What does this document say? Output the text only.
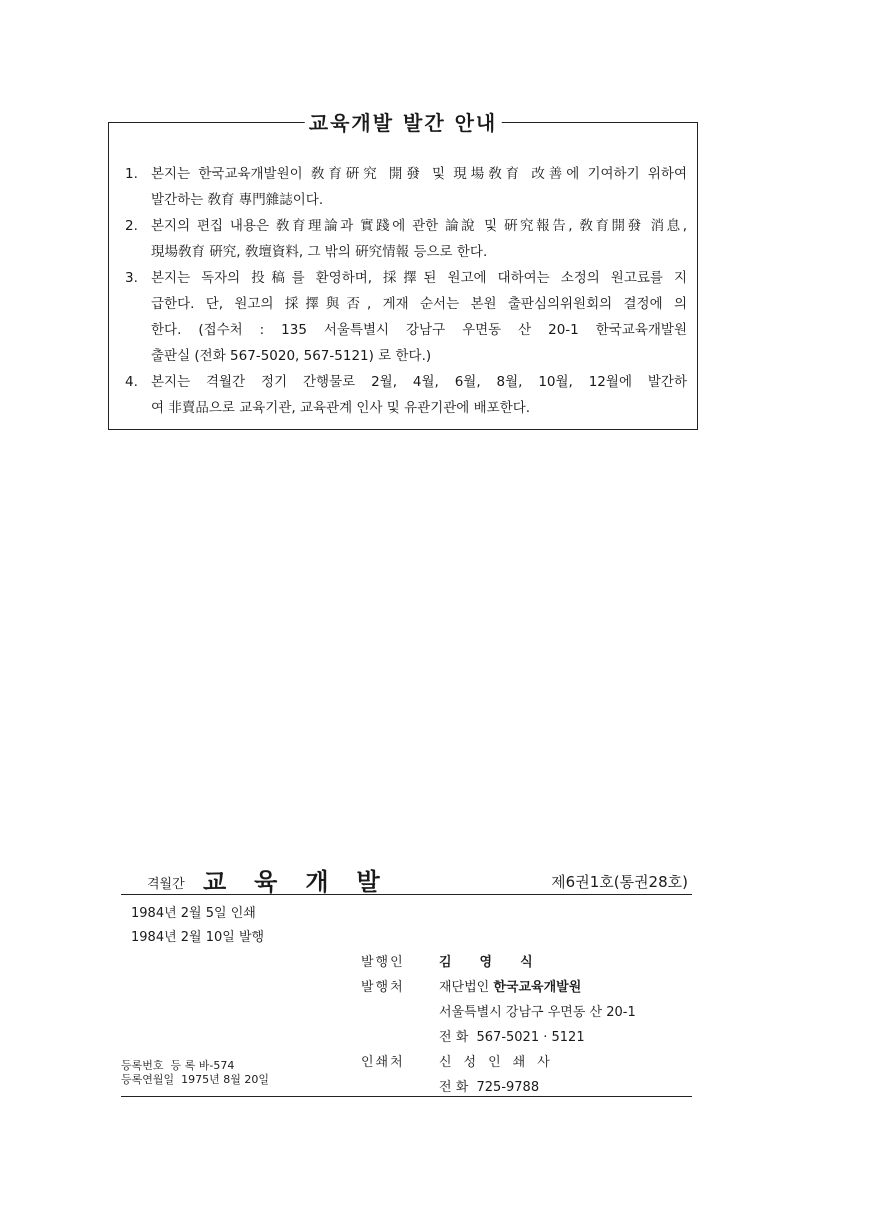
교육개발 발간 안내
1. 본지는 한국교육개발원이 敎育硏究 開發 및 現場敎育 改善에 기여하기 위하여
발간하는 敎育 專門雜誌이다.
2. 본지의 편집 내용은 敎育理論과 實踐에 관한 論說 및 硏究報告, 敎育開發 消息,
現場敎育 硏究, 敎壇資料, 그 밖의 硏究情報 등으로 한다.
3. 본지는 독자의 投稿를 환영하며, 採擇된 원고에 대하여는 소정의 원고료를 지
급한다. 단, 원고의 採擇與否, 게재 순서는 본원 출판심의위원회의 결정에 의
한다. (접수처 : 135 서울특별시 강남구 우면동 산 20-1 한국교육개발원
출판실 (전화 567-5020, 567-5121) 로 한다.)
4. 본지는 격월간 정기 간행물로 2월, 4월, 6월, 8월, 10월, 12월에 발간하
여 非賣品으로 교육기관, 교육관계 인사 및 유관기관에 배포한다.
격월간 교육개발	제6권1호(통권28호)
1984년 2월 5일 인쇄
1984년 2월 10일 발행
발행인	김영식
발행처	재단법인 한국교육개발원
서울특별시 강남구 우면동 산 20-1
전 화 567-5021 · 5121
인쇄처	신성인쇄사
전 화 725-9788
등록번호 등 록 바-574
등록연월일 1975년 8월 20일
